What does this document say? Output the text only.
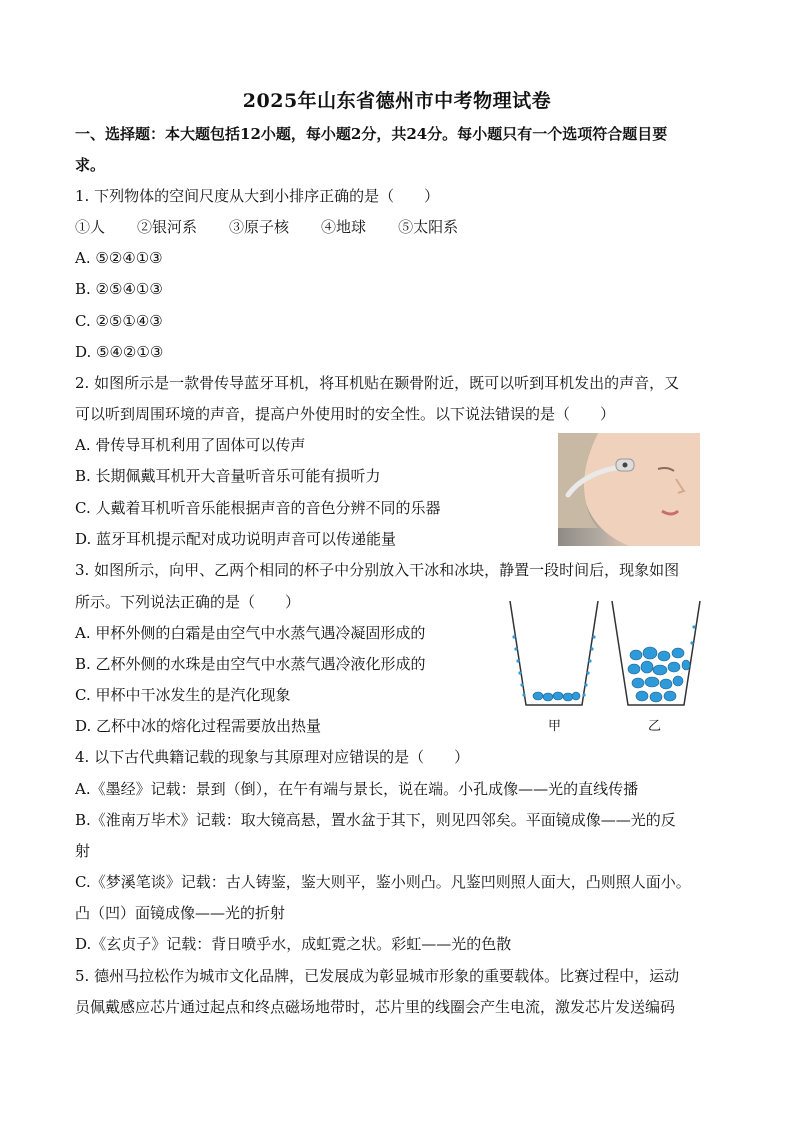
2025年山东省德州市中考物理试卷
一、选择题：本大题包括12小题，每小题2分，共24分。每小题只有一个选项符合题目要
求。
1. 下列物体的空间尺度从大到小排序正确的是（　　）
①人 ②银河系 ③原子核 ④地球 ⑤太阳系
A. ⑤②④①③
B. ②⑤④①③
C. ②⑤①④③
D. ⑤④②①③
2. 如图所示是一款骨传导蓝牙耳机，将耳机贴在颞骨附近，既可以听到耳机发出的声音，又
可以听到周围环境的声音，提高户外使用时的安全性。以下说法错误的是（　　）
A. 骨传导耳机利用了固体可以传声
B. 长期佩戴耳机开大音量听音乐可能有损听力
C. 人戴着耳机听音乐能根据声音的音色分辨不同的乐器
D. 蓝牙耳机提示配对成功说明声音可以传递能量
3. 如图所示，向甲、乙两个相同的杯子中分别放入干冰和冰块，静置一段时间后，现象如图
所示。下列说法正确的是（　　）
A. 甲杯外侧的白霜是由空气中水蒸气遇冷凝固形成的
B. 乙杯外侧的水珠是由空气中水蒸气遇冷液化形成的
C. 甲杯中干冰发生的是汽化现象
D. 乙杯中冰的熔化过程需要放出热量	甲	乙
4. 以下古代典籍记载的现象与其原理对应错误的是（　　）
A.《墨经》记载：景到（倒），在午有端与景长，说在端。小孔成像——光的直线传播
B.《淮南万毕术》记载：取大镜高悬，置水盆于其下，则见四邻矣。平面镜成像——光的反
射
C.《梦溪笔谈》记载：古人铸鉴，鉴大则平，鉴小则凸。凡鉴凹则照人面大，凸则照人面小。
凸（凹）面镜成像——光的折射
D.《玄贞子》记载：背日喷乎水，成虹霓之状。彩虹——光的色散
5. 德州马拉松作为城市文化品牌，已发展成为彰显城市形象的重要载体。比赛过程中，运动
员佩戴感应芯片通过起点和终点磁场地带时，芯片里的线圈会产生电流，激发芯片发送编码
